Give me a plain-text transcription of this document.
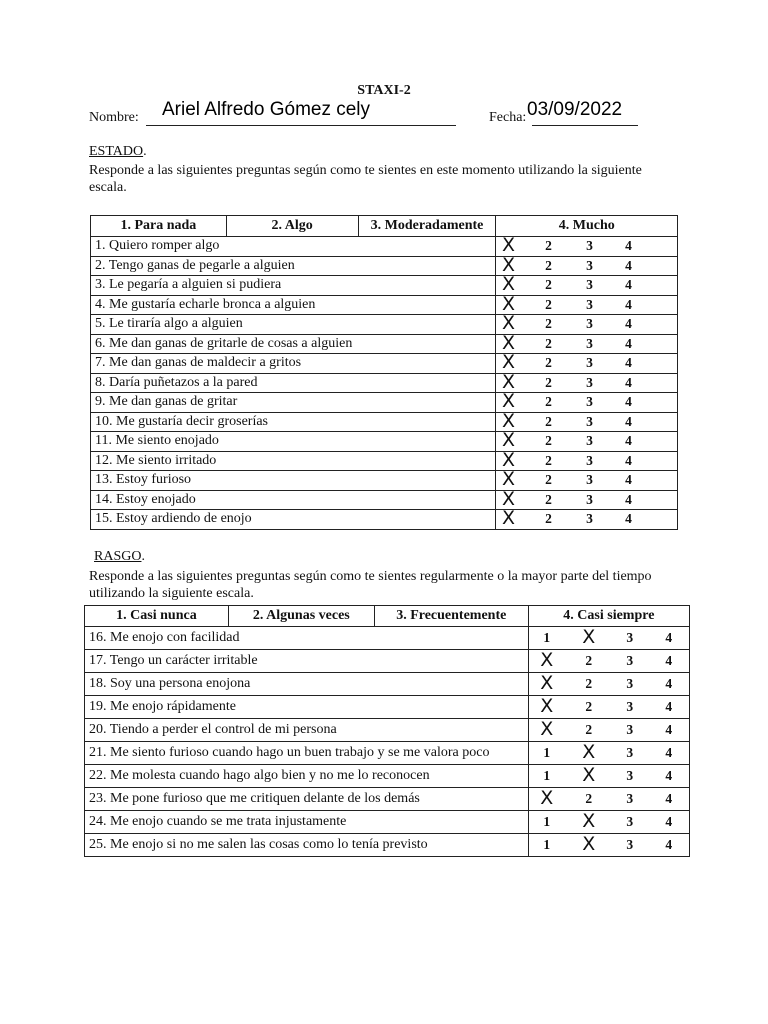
STAXI-2
Nombre: Ariel Alfredo Gómez cely	Fecha: 03/09/2022
ESTADO.
Responde a las siguientes preguntas según como te sientes en este momento utilizando la siguiente escala.
1. Para nada	2. Algo	3. Moderadamente	4. Mucho
1. Quiero romper algo			X 2 3 4

2. Tengo ganas de pegarle a alguien			X 2 3 4

3. Le pegaría a alguien si pudiera			X 2 3 4

4. Me gustaría echarle bronca a alguien			X 2 3 4

5. Le tiraría algo a alguien			X 2 3 4

6. Me dan ganas de gritarle de cosas a alguien			X 2 3 4

7. Me dan ganas de maldecir a gritos			X 2 3 4

8. Daría puñetazos a la pared			X 2 3 4

9. Me dan ganas de gritar			X 2 3 4

10. Me gustaría decir groserías			X 2 3 4

11. Me siento enojado			X 2 3 4

12. Me siento irritado			X 2 3 4

13. Estoy furioso			X 2 3 4

14. Estoy enojado			X 2 3 4

15. Estoy ardiendo de enojo			X 2 3 4
RASGO.
Responde a las siguientes preguntas según como te sientes regularmente o la mayor parte del tiempo utilizando la siguiente escala.
1. Casi nunca	2. Algunas veces	3. Frecuentemente	4. Casi siempre
16. Me enojo con facilidad			1 X 3 4

17. Tengo un carácter irritable			X 2 3 4

18. Soy una persona enojona			X 2 3 4

19. Me enojo rápidamente			X 2 3 4

20. Tiendo a perder el control de mi persona			X 2 3 4

21. Me siento furioso cuando hago un buen trabajo y se me valora poco			1 X 3 4

22. Me molesta cuando hago algo bien y no me lo reconocen			1 X 3 4

23. Me pone furioso que me critiquen delante de los demás			X 2 3 4

24. Me enojo cuando se me trata injustamente			1 X 3 4

25. Me enojo si no me salen las cosas como lo tenía previsto			1 X 3 4
